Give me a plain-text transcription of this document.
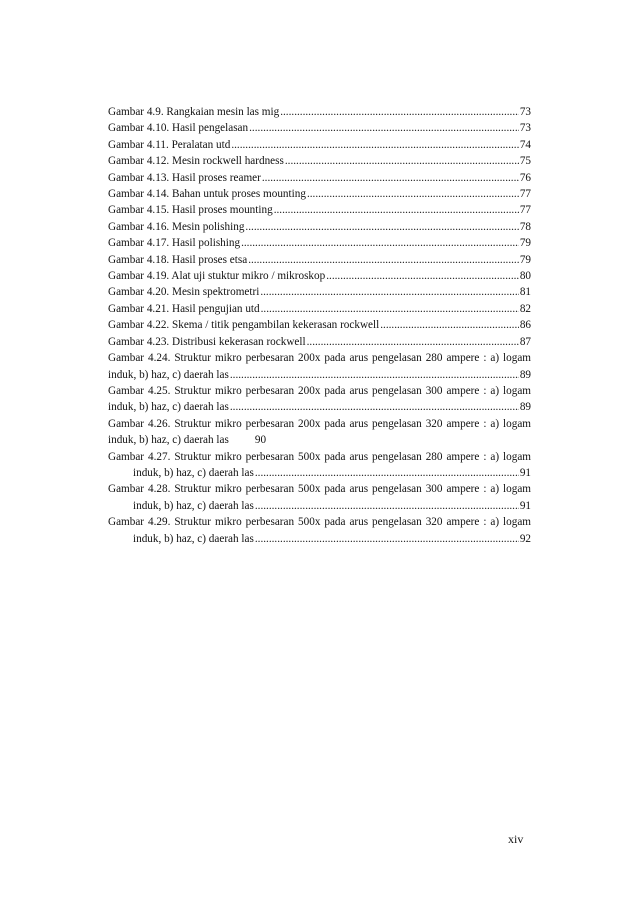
Gambar 4.9. Rangkaian mesin las mig .....	73
Gambar 4.10. Hasil pengelasan .....	73
Gambar 4.11. Peralatan utd .....	74
Gambar 4.12. Mesin rockwell hardness .....	75
Gambar 4.13. Hasil proses reamer .....	76
Gambar 4.14. Bahan untuk proses mounting .....	77
Gambar 4.15. Hasil proses mounting .....	77
Gambar 4.16. Mesin polishing .....	78
Gambar 4.17. Hasil polishing .....	79
Gambar 4.18. Hasil proses etsa .....	79
Gambar 4.19. Alat uji stuktur mikro / mikroskop .....	80
Gambar 4.20. Mesin spektrometri .....	81
Gambar 4.21. Hasil pengujian utd .....	82
Gambar 4.22. Skema / titik pengambilan kekerasan rockwell .....	86
Gambar 4.23. Distribusi kekerasan rockwell .....	87
Gambar 4.24. Struktur mikro perbesaran 200x pada arus pengelasan 280 ampere : a) logam
induk, b) haz, c) daerah las .....	89
Gambar 4.25. Struktur mikro perbesaran 200x pada arus pengelasan 300 ampere : a) logam
induk, b) haz, c) daerah las .....	89
Gambar 4.26. Struktur mikro perbesaran 200x pada arus pengelasan 320 ampere : a) logam
induk, b) haz, c) daerah las 90
Gambar 4.27. Struktur mikro perbesaran 500x pada arus pengelasan 280 ampere : a) logam
induk, b) haz, c) daerah las .....	91
Gambar 4.28. Struktur mikro perbesaran 500x pada arus pengelasan 300 ampere : a) logam
induk, b) haz, c) daerah las .....	91
Gambar 4.29. Struktur mikro perbesaran 500x pada arus pengelasan 320 ampere : a) logam
induk, b) haz, c) daerah las .....	92
xiv
